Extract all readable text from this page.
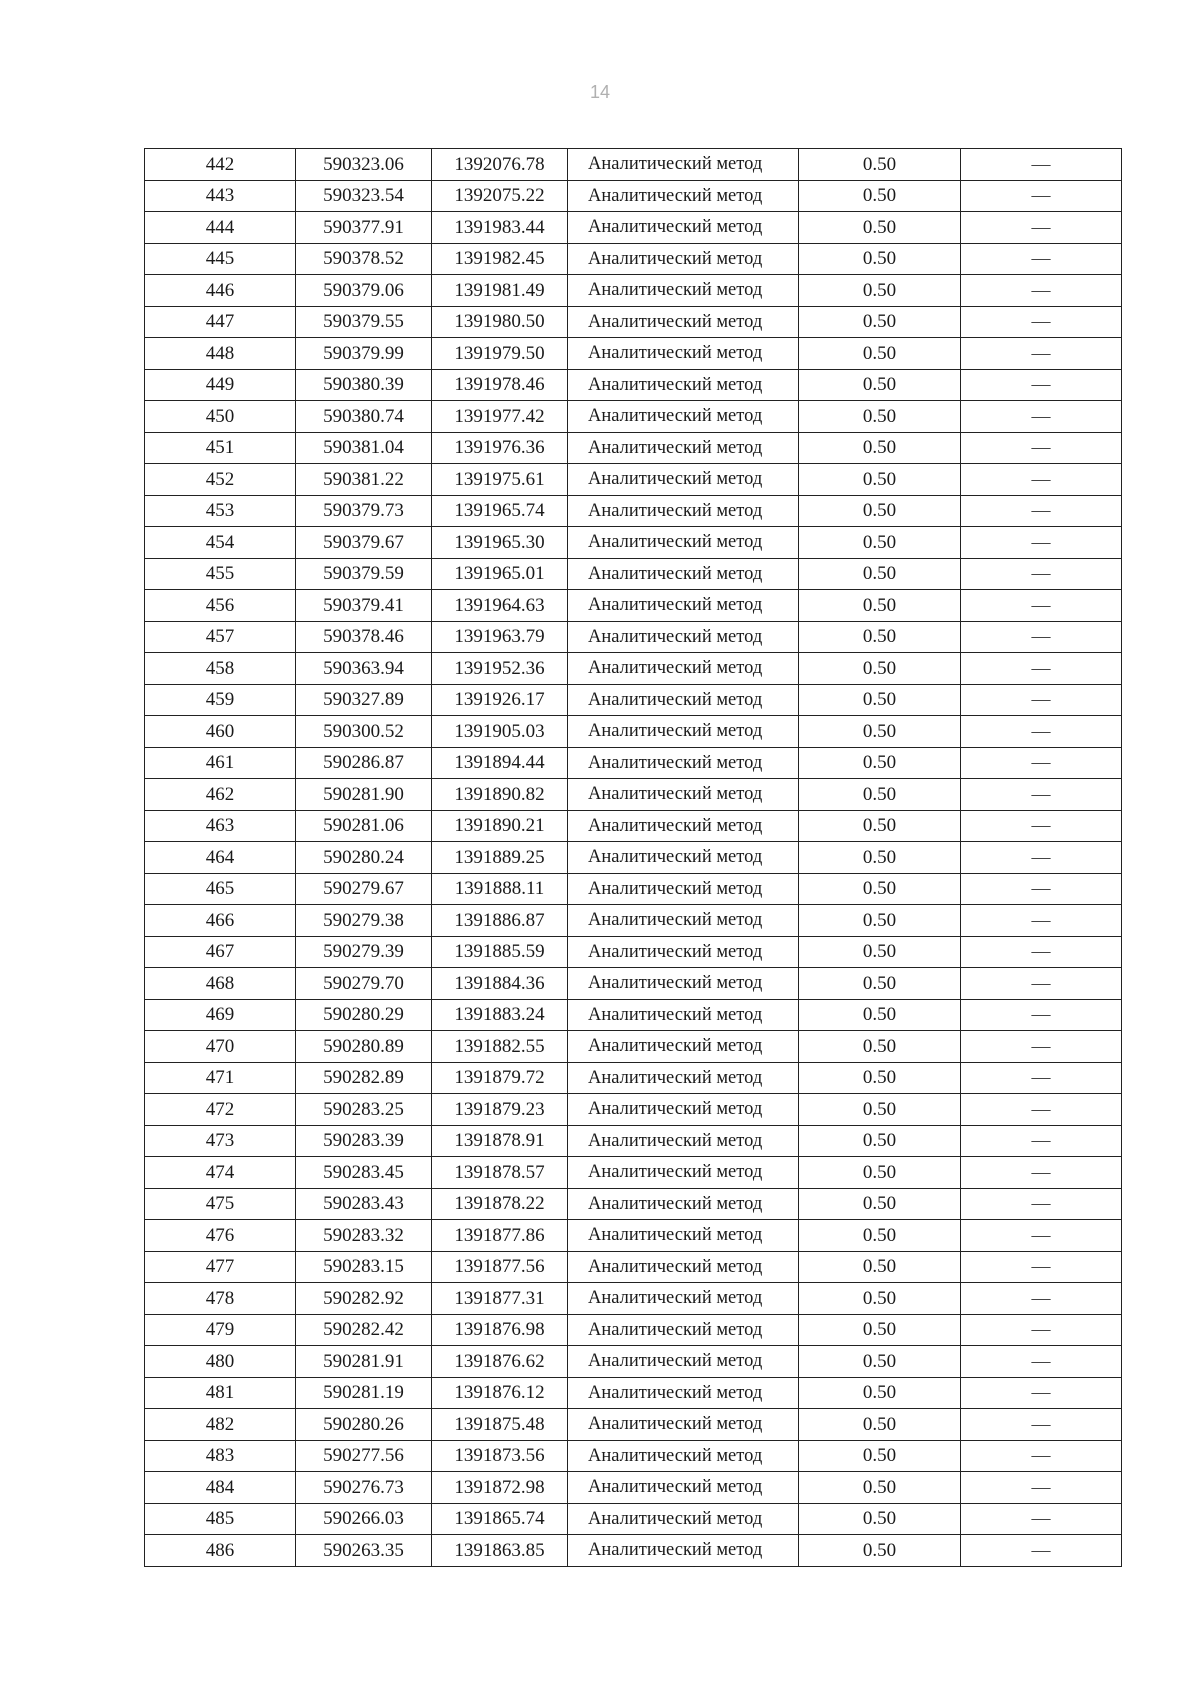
14
442	590323.06	1392076.78	Аналитический метод	0.50	—
443	590323.54	1392075.22	Аналитический метод	0.50	—
444	590377.91	1391983.44	Аналитический метод	0.50	—
445	590378.52	1391982.45	Аналитический метод	0.50	—
446	590379.06	1391981.49	Аналитический метод	0.50	—
447	590379.55	1391980.50	Аналитический метод	0.50	—
448	590379.99	1391979.50	Аналитический метод	0.50	—
449	590380.39	1391978.46	Аналитический метод	0.50	—
450	590380.74	1391977.42	Аналитический метод	0.50	—
451	590381.04	1391976.36	Аналитический метод	0.50	—
452	590381.22	1391975.61	Аналитический метод	0.50	—
453	590379.73	1391965.74	Аналитический метод	0.50	—
454	590379.67	1391965.30	Аналитический метод	0.50	—
455	590379.59	1391965.01	Аналитический метод	0.50	—
456	590379.41	1391964.63	Аналитический метод	0.50	—
457	590378.46	1391963.79	Аналитический метод	0.50	—
458	590363.94	1391952.36	Аналитический метод	0.50	—
459	590327.89	1391926.17	Аналитический метод	0.50	—
460	590300.52	1391905.03	Аналитический метод	0.50	—
461	590286.87	1391894.44	Аналитический метод	0.50	—
462	590281.90	1391890.82	Аналитический метод	0.50	—
463	590281.06	1391890.21	Аналитический метод	0.50	—
464	590280.24	1391889.25	Аналитический метод	0.50	—
465	590279.67	1391888.11	Аналитический метод	0.50	—
466	590279.38	1391886.87	Аналитический метод	0.50	—
467	590279.39	1391885.59	Аналитический метод	0.50	—
468	590279.70	1391884.36	Аналитический метод	0.50	—
469	590280.29	1391883.24	Аналитический метод	0.50	—
470	590280.89	1391882.55	Аналитический метод	0.50	—
471	590282.89	1391879.72	Аналитический метод	0.50	—
472	590283.25	1391879.23	Аналитический метод	0.50	—
473	590283.39	1391878.91	Аналитический метод	0.50	—
474	590283.45	1391878.57	Аналитический метод	0.50	—
475	590283.43	1391878.22	Аналитический метод	0.50	—
476	590283.32	1391877.86	Аналитический метод	0.50	—
477	590283.15	1391877.56	Аналитический метод	0.50	—
478	590282.92	1391877.31	Аналитический метод	0.50	—
479	590282.42	1391876.98	Аналитический метод	0.50	—
480	590281.91	1391876.62	Аналитический метод	0.50	—
481	590281.19	1391876.12	Аналитический метод	0.50	—
482	590280.26	1391875.48	Аналитический метод	0.50	—
483	590277.56	1391873.56	Аналитический метод	0.50	—
484	590276.73	1391872.98	Аналитический метод	0.50	—
485	590266.03	1391865.74	Аналитический метод	0.50	—
486	590263.35	1391863.85	Аналитический метод	0.50	—
